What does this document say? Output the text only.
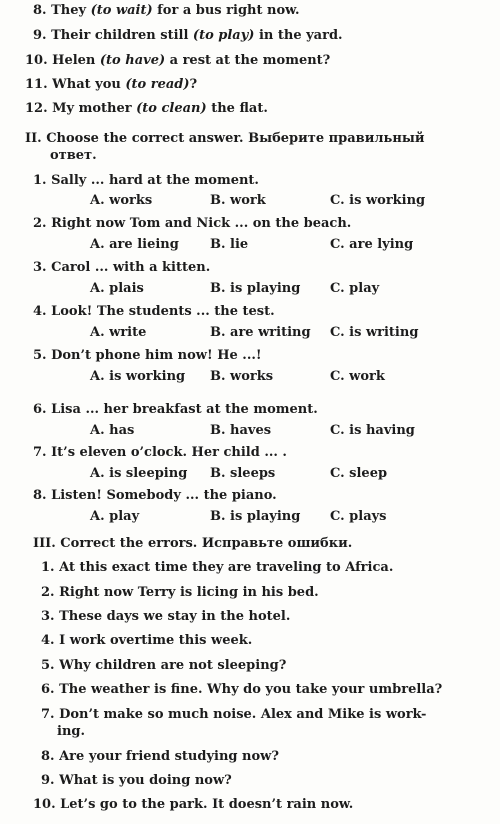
8. They (to wait) for a bus right now.
9. Their children still (to play) in the yard.
10. Helen (to have) a rest at the moment?
11. What you (to read)?
12. My mother (to clean) the flat.
II. Choose the correct answer. Выберите правильный
ответ.
1. Sally ... hard at the moment.
A. works	B. work	C. is working
2. Right now Tom and Nick ... on the beach.
A. are lieing B. lie	C. are lying
3. Carol ... with a kitten.
A. plais	B. is playing C. play
4. Look! The students ... the test.
A. write	B. are writing C. is writing
5. Don’t phone him now! He ...!
A. is working B. works	C. work
6. Lisa ... her breakfast at the moment.
A. has	B. haves	C. is having
7. It’s eleven o’clock. Her child ... .
A. is sleeping B. sleeps	C. sleep
8. Listen! Somebody ... the piano.
A. play	B. is playing C. plays
III. Correct the errors. Исправьте ошибки.
1. At this exact time they are traveling to Africa.
2. Right now Terry is licing in his bed.
3. These days we stay in the hotel.
4. I work overtime this week.
5. Why children are not sleeping?
6. The weather is fine. Why do you take your umbrella?
7. Don’t make so much noise. Alex and Mike is work-
ing.
8. Are your friend studying now?
9. What is you doing now?
10. Let’s go to the park. It doesn’t rain now.
